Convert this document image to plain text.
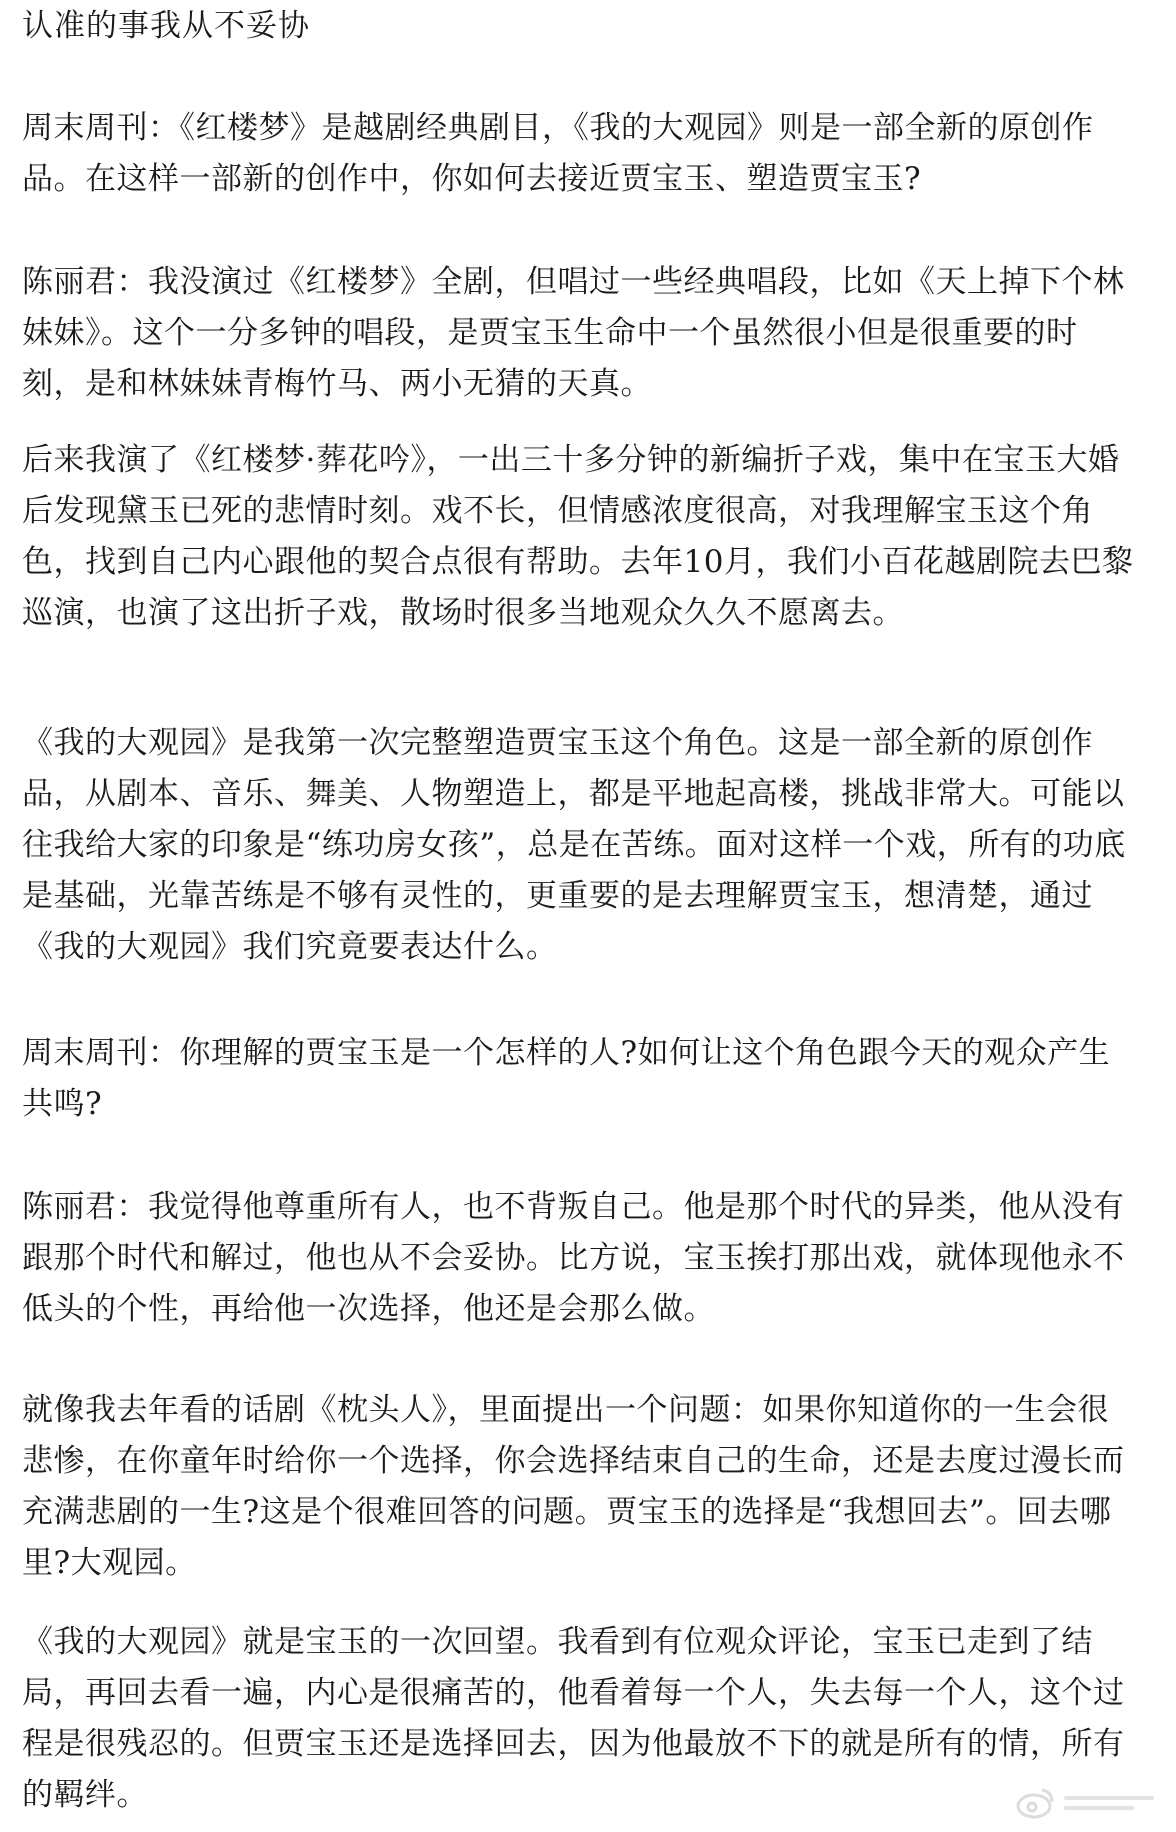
认准的事我从不妥协

周末周刊：《红楼梦》是越剧经典剧目，《我的大观园》则是一部全新的原创作
品。在这样一部新的创作中，你如何去接近贾宝玉、塑造贾宝玉?

陈丽君：我没演过《红楼梦》全剧，但唱过一些经典唱段，比如《天上掉下个林
妹妹》。这个一分多钟的唱段，是贾宝玉生命中一个虽然很小但是很重要的时
刻，是和林妹妹青梅竹马、两小无猜的天真。

后来我演了《红楼梦·葬花吟》，一出三十多分钟的新编折子戏，集中在宝玉大婚
后发现黛玉已死的悲情时刻。戏不长，但情感浓度很高，对我理解宝玉这个角
色，找到自己内心跟他的契合点很有帮助。去年10月，我们小百花越剧院去巴黎
巡演，也演了这出折子戏，散场时很多当地观众久久不愿离去。

《我的大观园》是我第一次完整塑造贾宝玉这个角色。这是一部全新的原创作
品，从剧本、音乐、舞美、人物塑造上，都是平地起高楼，挑战非常大。可能以
往我给大家的印象是“练功房女孩”，总是在苦练。面对这样一个戏，所有的功底
是基础，光靠苦练是不够有灵性的，更重要的是去理解贾宝玉，想清楚，通过
《我的大观园》我们究竟要表达什么。

周末周刊：你理解的贾宝玉是一个怎样的人?如何让这个角色跟今天的观众产生
共鸣?

陈丽君：我觉得他尊重所有人，也不背叛自己。他是那个时代的异类，他从没有
跟那个时代和解过，他也从不会妥协。比方说，宝玉挨打那出戏，就体现他永不
低头的个性，再给他一次选择，他还是会那么做。

就像我去年看的话剧《枕头人》，里面提出一个问题：如果你知道你的一生会很
悲惨，在你童年时给你一个选择，你会选择结束自己的生命，还是去度过漫长而
充满悲剧的一生?这是个很难回答的问题。贾宝玉的选择是“我想回去”。回去哪
里?大观园。

《我的大观园》就是宝玉的一次回望。我看到有位观众评论，宝玉已走到了结
局，再回去看一遍，内心是很痛苦的，他看着每一个人，失去每一个人，这个过
程是很残忍的。但贾宝玉还是选择回去，因为他最放不下的就是所有的情，所有
的羁绊。
